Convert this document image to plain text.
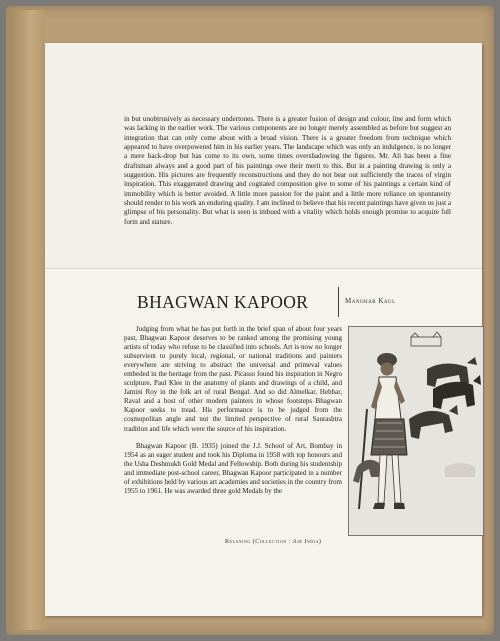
in but unobtrusively as necessary undertones. There is a greater fusion of design and colour, line and form which was lacking in the earlier work. The various components are no longer merely assembled as before but suggest an integration that can only come about with a broad vision. There is a greater freedom from technique which appeared to have overpowered him in his earlier years. The landscape which was only an indulgence, is no longer a mere back-drop but has come to its own, some times overshadowing the figures. Mr. Ali has been a fine draftsman always and a good part of his paintings owe their merit to this. But in a painting drawing is only a suggestion. His pictures are frequently reconstructions and they do not bear out sufficiently the traces of virgin inspiration. This exaggerated drawing and cogitated composition give to some of his paintings a certain kind of immobility which is better avoided. A little more passion for the paint and a little more reliance on spontaneity should render to his work an enduring quality. I am inclined to believe that his recent paintings have given us just a glimpse of his personality. But what is seen is imbued with a vitality which holds enough promise to acquire full form and stature.

BHAGWAN KAPOOR	Manohar Kaul

Judging from what he has put forth in the brief span of about four years past, Bhagwan Kapoor deserves to be ranked among the promising young artists of today who refuse to be classified into schools. Art is now no longer subservient to purely local, regional, or national traditions and painters everywhere are striving to abstract the universal and primeval values embeded in the heritage from the past. Picasso found his inspiration in Negro sculpture, Paul Klee in the anatomy of plants and drawings of a child, and Jamini Roy in the folk art of rural Bengal. And so did Almelkar, Hebbar, Raval and a host of other modern painters in whose footsteps Bhagwan Kapoor seeks to tread. His performance is to be judged from the cosmopolitan angle and not the limited perspective of rural Saurashtra tradition and life which were the source of his inspiration.

Bhagwan Kapoor (B. 1935) joined the J.J. School of Art, Bombay in 1954 as an eager student and took his Diploma in 1958 with top honours and the Usha Deshmukh Gold Medal and Fellowship. Both during his studentship and immediate post-school career, Bhagwan Kapoor participated in a number of exhibitions held by various art academies and societies in the country from 1955 to 1961. He was awarded three gold Medals by the

Relaxing (Collection : Air India)
